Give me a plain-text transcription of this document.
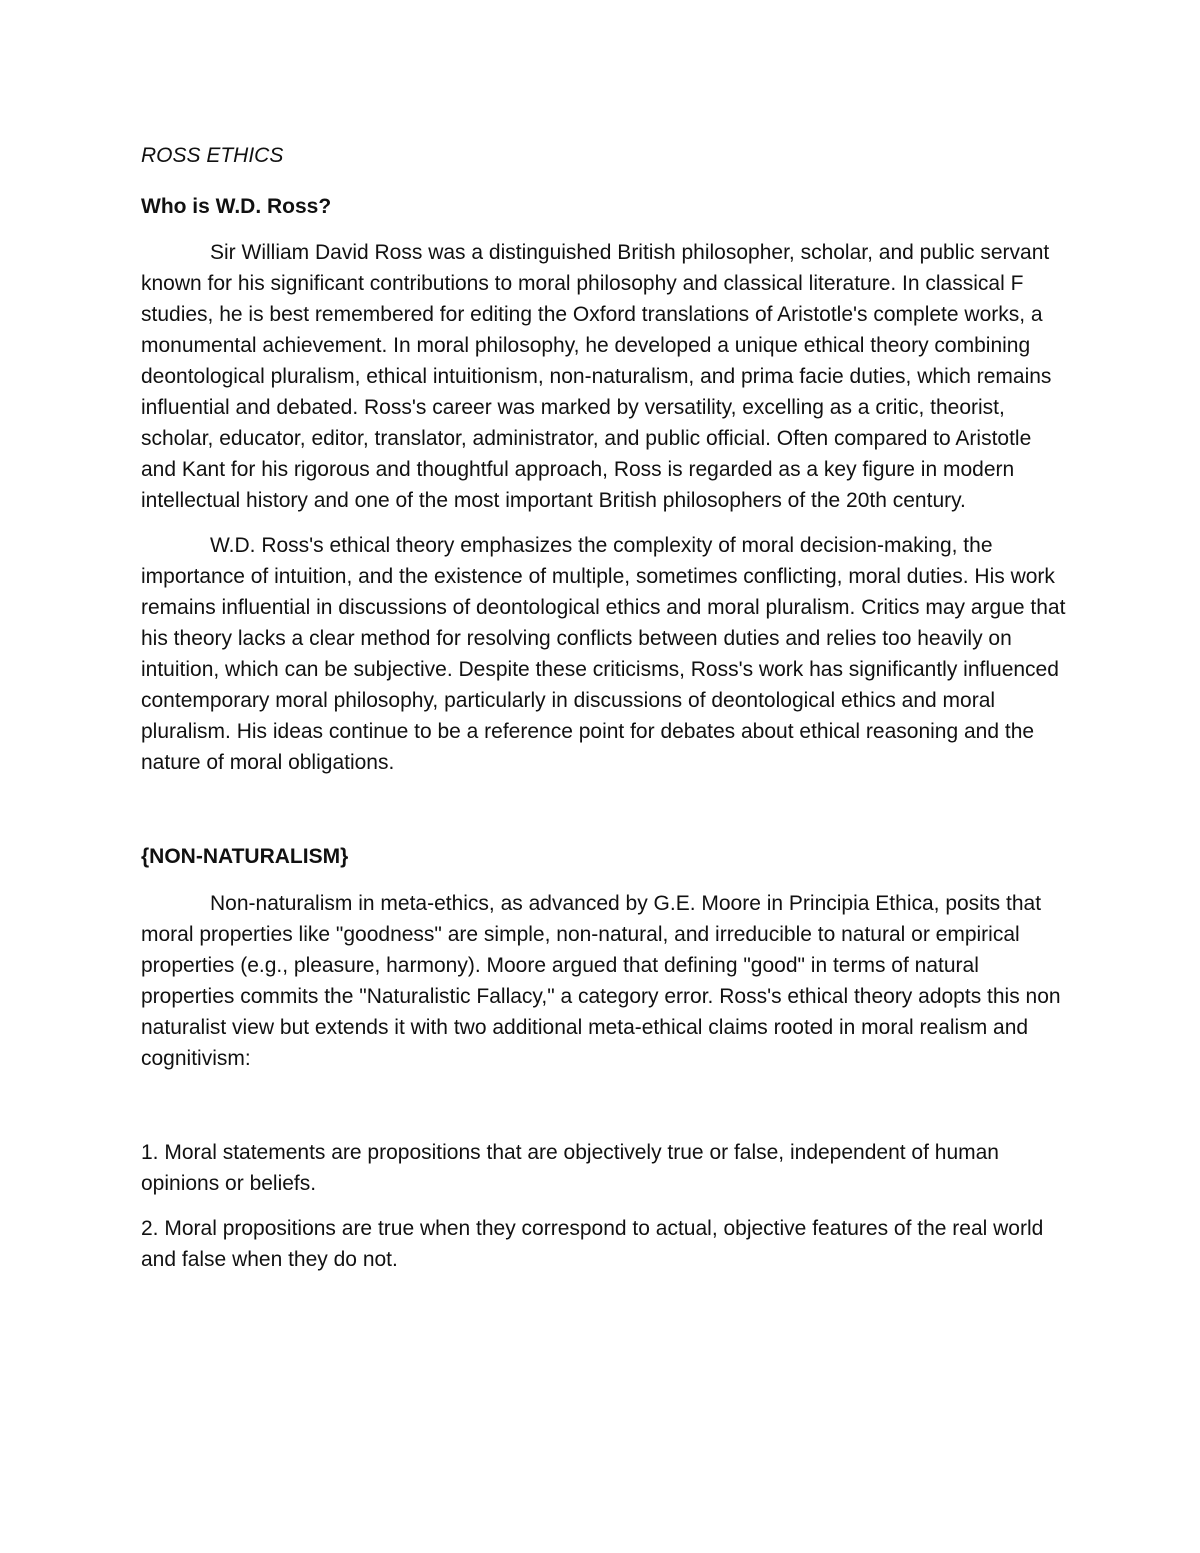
ROSS ETHICS
Who is W.D. Ross?

Sir William David Ross was a distinguished British philosopher, scholar, and public servant known for his significant contributions to moral philosophy and classical literature. In classical F studies, he is best remembered for editing the Oxford translations of Aristotle's complete works, a monumental achievement. In moral philosophy, he developed a unique ethical theory combining deontological pluralism, ethical intuitionism, non-naturalism, and prima facie duties, which remains influential and debated. Ross's career was marked by versatility, excelling as a critic, theorist, scholar, educator, editor, translator, administrator, and public official. Often compared to Aristotle and Kant for his rigorous and thoughtful approach, Ross is regarded as a key figure in modern intellectual history and one of the most important British philosophers of the 20th century.

W.D. Ross's ethical theory emphasizes the complexity of moral decision-making, the importance of intuition, and the existence of multiple, sometimes conflicting, moral duties. His work remains influential in discussions of deontological ethics and moral pluralism. Critics may argue that his theory lacks a clear method for resolving conflicts between duties and relies too heavily on intuition, which can be subjective. Despite these criticisms, Ross's work has significantly influenced contemporary moral philosophy, particularly in discussions of deontological ethics and moral pluralism. His ideas continue to be a reference point for debates about ethical reasoning and the nature of moral obligations.

{NON-NATURALISM}

Non-naturalism in meta-ethics, as advanced by G.E. Moore in Principia Ethica, posits that moral properties like "goodness" are simple, non-natural, and irreducible to natural or empirical properties (e.g., pleasure, harmony). Moore argued that defining "good" in terms of natural properties commits the "Naturalistic Fallacy," a category error. Ross's ethical theory adopts this non naturalist view but extends it with two additional meta-ethical claims rooted in moral realism and cognitivism:

1. Moral statements are propositions that are objectively true or false, independent of human opinions or beliefs.

2. Moral propositions are true when they correspond to actual, objective features of the real world and false when they do not.
